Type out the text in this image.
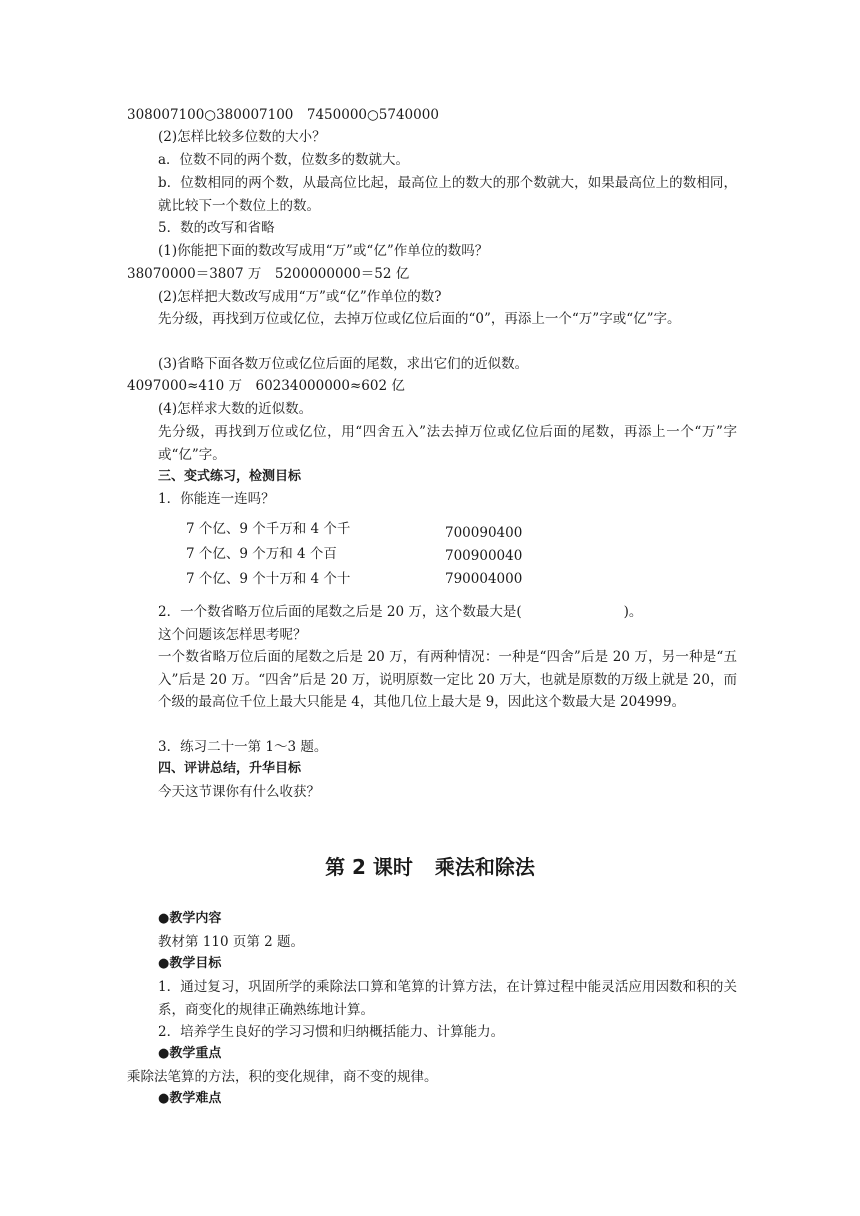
308007100○380007100　7450000○5740000
(2)怎样比较多位数的大小？
a．位数不同的两个数，位数多的数就大。
b．位数相同的两个数，从最高位比起，最高位上的数大的那个数就大，如果最高位上的数相同，就比较下一个数位上的数。
5．数的改写和省略
(1)你能把下面的数改写成用“万”或“亿”作单位的数吗？
38070000＝3807 万　5200000000＝52 亿
(2)怎样把大数改写成用“万”或“亿”作单位的数?
先分级，再找到万位或亿位，去掉万位或亿位后面的“0”，再添上一个“万”字或“亿”字。
(3)省略下面各数万位或亿位后面的尾数，求出它们的近似数。
4097000≈410 万　60234000000≈602 亿
(4)怎样求大数的近似数。
先分级，再找到万位或亿位，用“四舍五入”法去掉万位或亿位后面的尾数，再添上一个“万”字或“亿”字。
三、变式练习，检测目标
1．你能连一连吗？
7 个亿、9 个千万和 4 个千	700090400
7 个亿、9 个万和 4 个百	700900040
7 个亿、9 个十万和 4 个十	790004000
2．一个数省略万位后面的尾数之后是 20 万，这个数最大是(	)。
这个问题该怎样思考呢？
一个数省略万位后面的尾数之后是 20 万，有两种情况：一种是“四舍”后是 20 万，另一种是“五入”后是 20 万。“四舍”后是 20 万，说明原数一定比 20 万大，也就是原数的万级上就是 20，而个级的最高位千位上最大只能是 4，其他几位上最大是 9，因此这个数最大是 204999。
3．练习二十一第 1～3 题。
四、评讲总结，升华目标
今天这节课你有什么收获？
第 2 课时 乘法和除法
●教学内容
教材第 110 页第 2 题。
●教学目标
1．通过复习，巩固所学的乘除法口算和笔算的计算方法，在计算过程中能灵活应用因数和积的关系，商变化的规律正确熟练地计算。
2．培养学生良好的学习习惯和归纳概括能力、计算能力。
●教学重点
乘除法笔算的方法，积的变化规律，商不变的规律。
●教学难点
